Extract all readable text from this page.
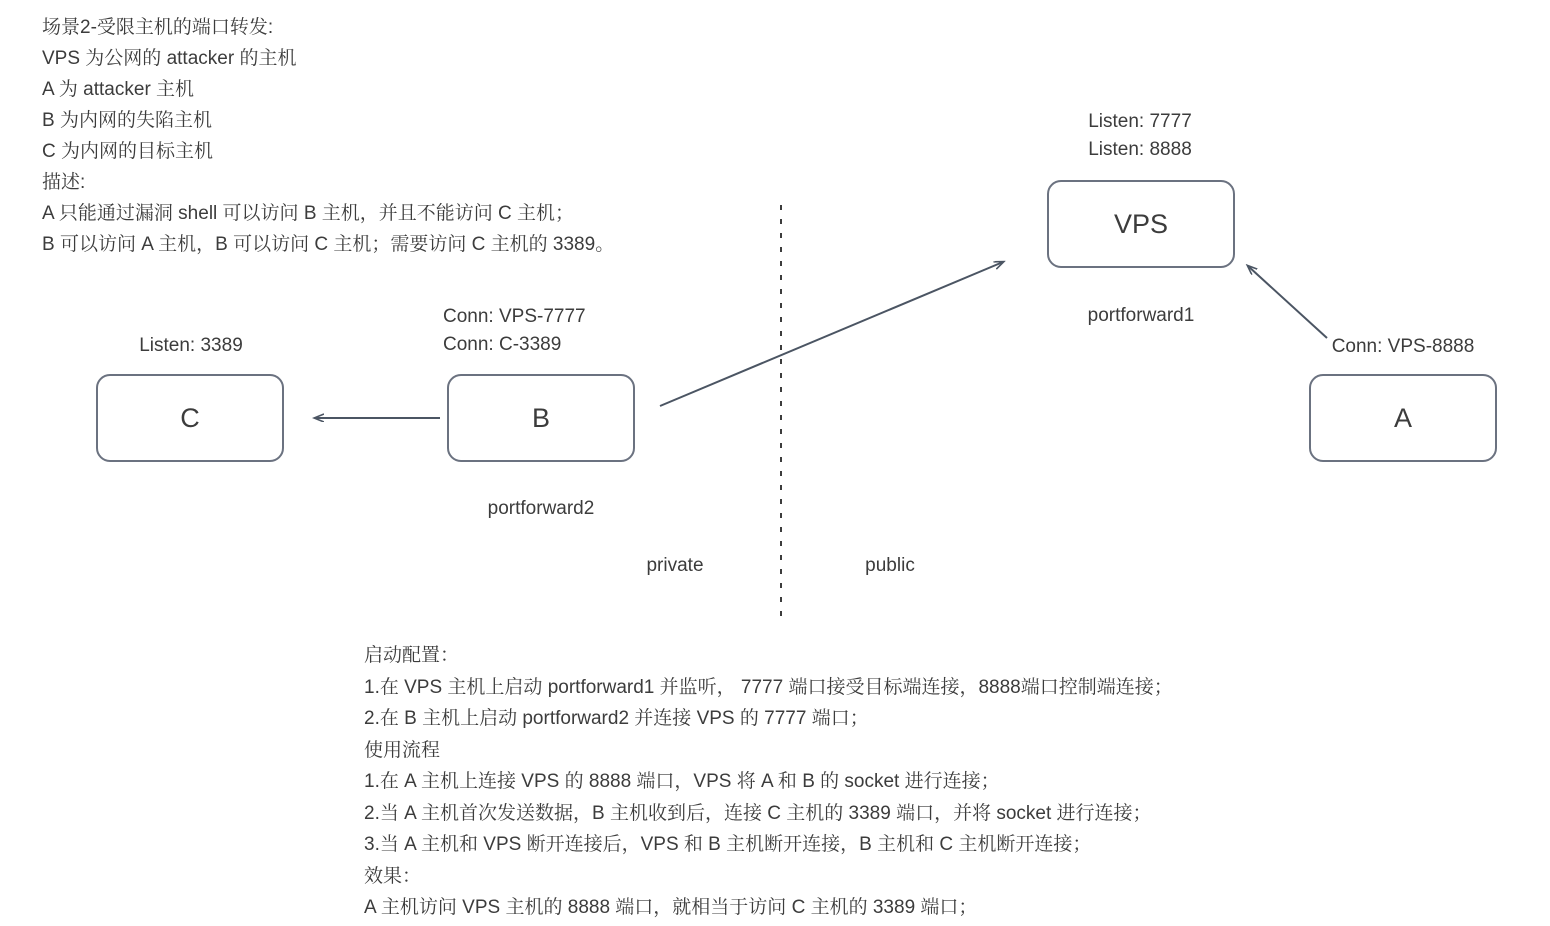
场景2-受限主机的端口转发:
VPS 为公网的 attacker 的主机
A 为 attacker 主机
B 为内网的失陷主机
C 为内网的目标主机
描述:
A 只能通过漏洞 shell 可以访问 B 主机，并且不能访问 C 主机；
B 可以访问 A 主机，B 可以访问 C 主机；需要访问 C 主机的 3389。
Listen: 7777
Listen: 8888
VPS
portforward1
Conn: VPS-8888
A
Conn: VPS-7777
Conn: C-3389
B
portforward2
Listen: 3389
C
private	public
启动配置：
1.在 VPS 主机上启动 portforward1 并监听， 7777 端口接受目标端连接，8888端口控制端连接；
2.在 B 主机上启动 portforward2 并连接 VPS 的 7777 端口；
使用流程
1.在 A 主机上连接 VPS 的 8888 端口，VPS 将 A 和 B 的 socket 进行连接；
2.当 A 主机首次发送数据，B 主机收到后，连接 C 主机的 3389 端口，并将 socket 进行连接；
3.当 A 主机和 VPS 断开连接后，VPS 和 B 主机断开连接，B 主机和 C 主机断开连接；
效果：
A 主机访问 VPS 主机的 8888 端口，就相当于访问 C 主机的 3389 端口；
